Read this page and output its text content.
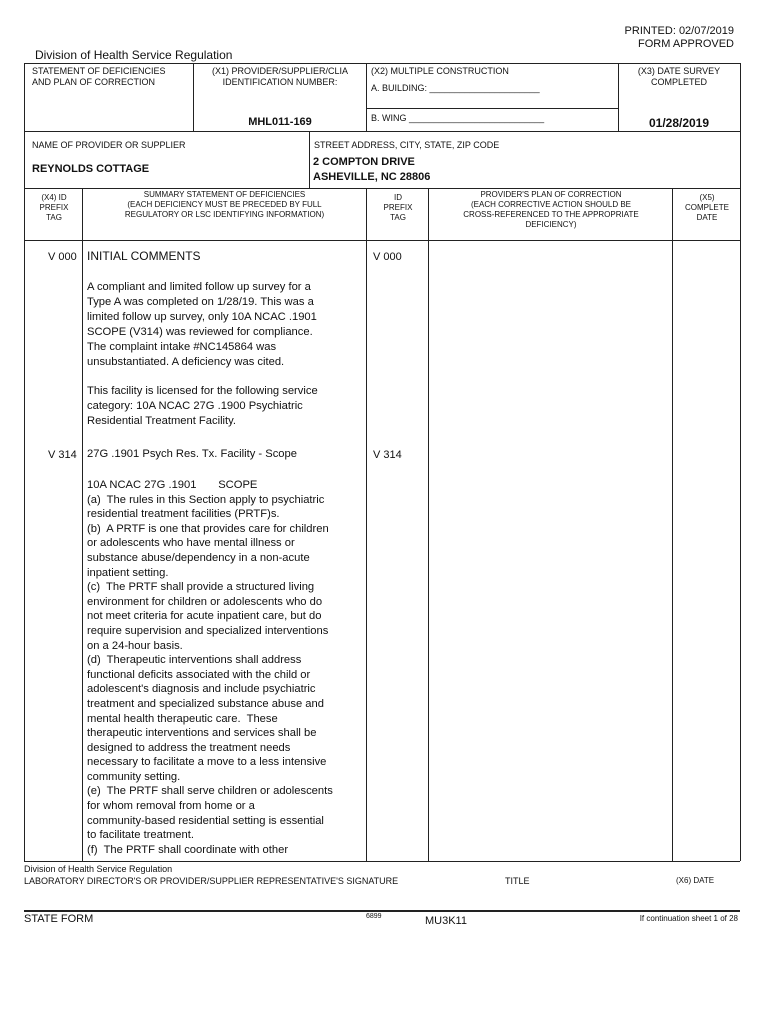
PRINTED: 02/07/2019
FORM APPROVED
Division of Health Service Regulation
STATEMENT OF DEFICIENCIES
AND PLAN OF CORRECTION
(X1) PROVIDER/SUPPLIER/CLIA
IDENTIFICATION NUMBER:
MHL011-169
(X2) MULTIPLE CONSTRUCTION
A. BUILDING: ______________________
B. WING ___________________________
(X3) DATE SURVEY
COMPLETED
01/28/2019
NAME OF PROVIDER OR SUPPLIER
REYNOLDS COTTAGE
STREET ADDRESS, CITY, STATE, ZIP CODE
2 COMPTON DRIVE
ASHEVILLE, NC 28806
(X4) ID
PREFIX
TAG
SUMMARY STATEMENT OF DEFICIENCIES
(EACH DEFICIENCY MUST BE PRECEDED BY FULL
REGULATORY OR LSC IDENTIFYING INFORMATION)
ID
PREFIX
TAG
PROVIDER'S PLAN OF CORRECTION
(EACH CORRECTIVE ACTION SHOULD BE
CROSS-REFERENCED TO THE APPROPRIATE
DEFICIENCY)
(X5)
COMPLETE
DATE
V 000	V 000
INITIAL COMMENTS
A compliant and limited follow up survey for a
Type A was completed on 1/28/19. This was a
limited follow up survey, only 10A NCAC .1901
SCOPE (V314) was reviewed for compliance.
The complaint intake #NC145864 was
unsubstantiated. A deficiency was cited.
This facility is licensed for the following service
category: 10A NCAC 27G .1900 Psychiatric
Residential Treatment Facility.
V 314	V 314
27G .1901 Psych Res. Tx. Facility - Scope
10A NCAC 27G .1901       SCOPE
(a)  The rules in this Section apply to psychiatric
residential treatment facilities (PRTF)s.
(b)  A PRTF is one that provides care for children
or adolescents who have mental illness or
substance abuse/dependency in a non-acute
inpatient setting.
(c)  The PRTF shall provide a structured living
environment for children or adolescents who do
not meet criteria for acute inpatient care, but do
require supervision and specialized interventions
on a 24-hour basis.
(d)  Therapeutic interventions shall address
functional deficits associated with the child or
adolescent's diagnosis and include psychiatric
treatment and specialized substance abuse and
mental health therapeutic care.  These
therapeutic interventions and services shall be
designed to address the treatment needs
necessary to facilitate a move to a less intensive
community setting.
(e)  The PRTF shall serve children or adolescents
for whom removal from home or a
community-based residential setting is essential
to facilitate treatment.
(f)  The PRTF shall coordinate with other
Division of Health Service Regulation
LABORATORY DIRECTOR'S OR PROVIDER/SUPPLIER REPRESENTATIVE'S SIGNATURE	TITLE	(X6) DATE
STATE FORM	6899	MU3K11	If continuation sheet 1 of 28
